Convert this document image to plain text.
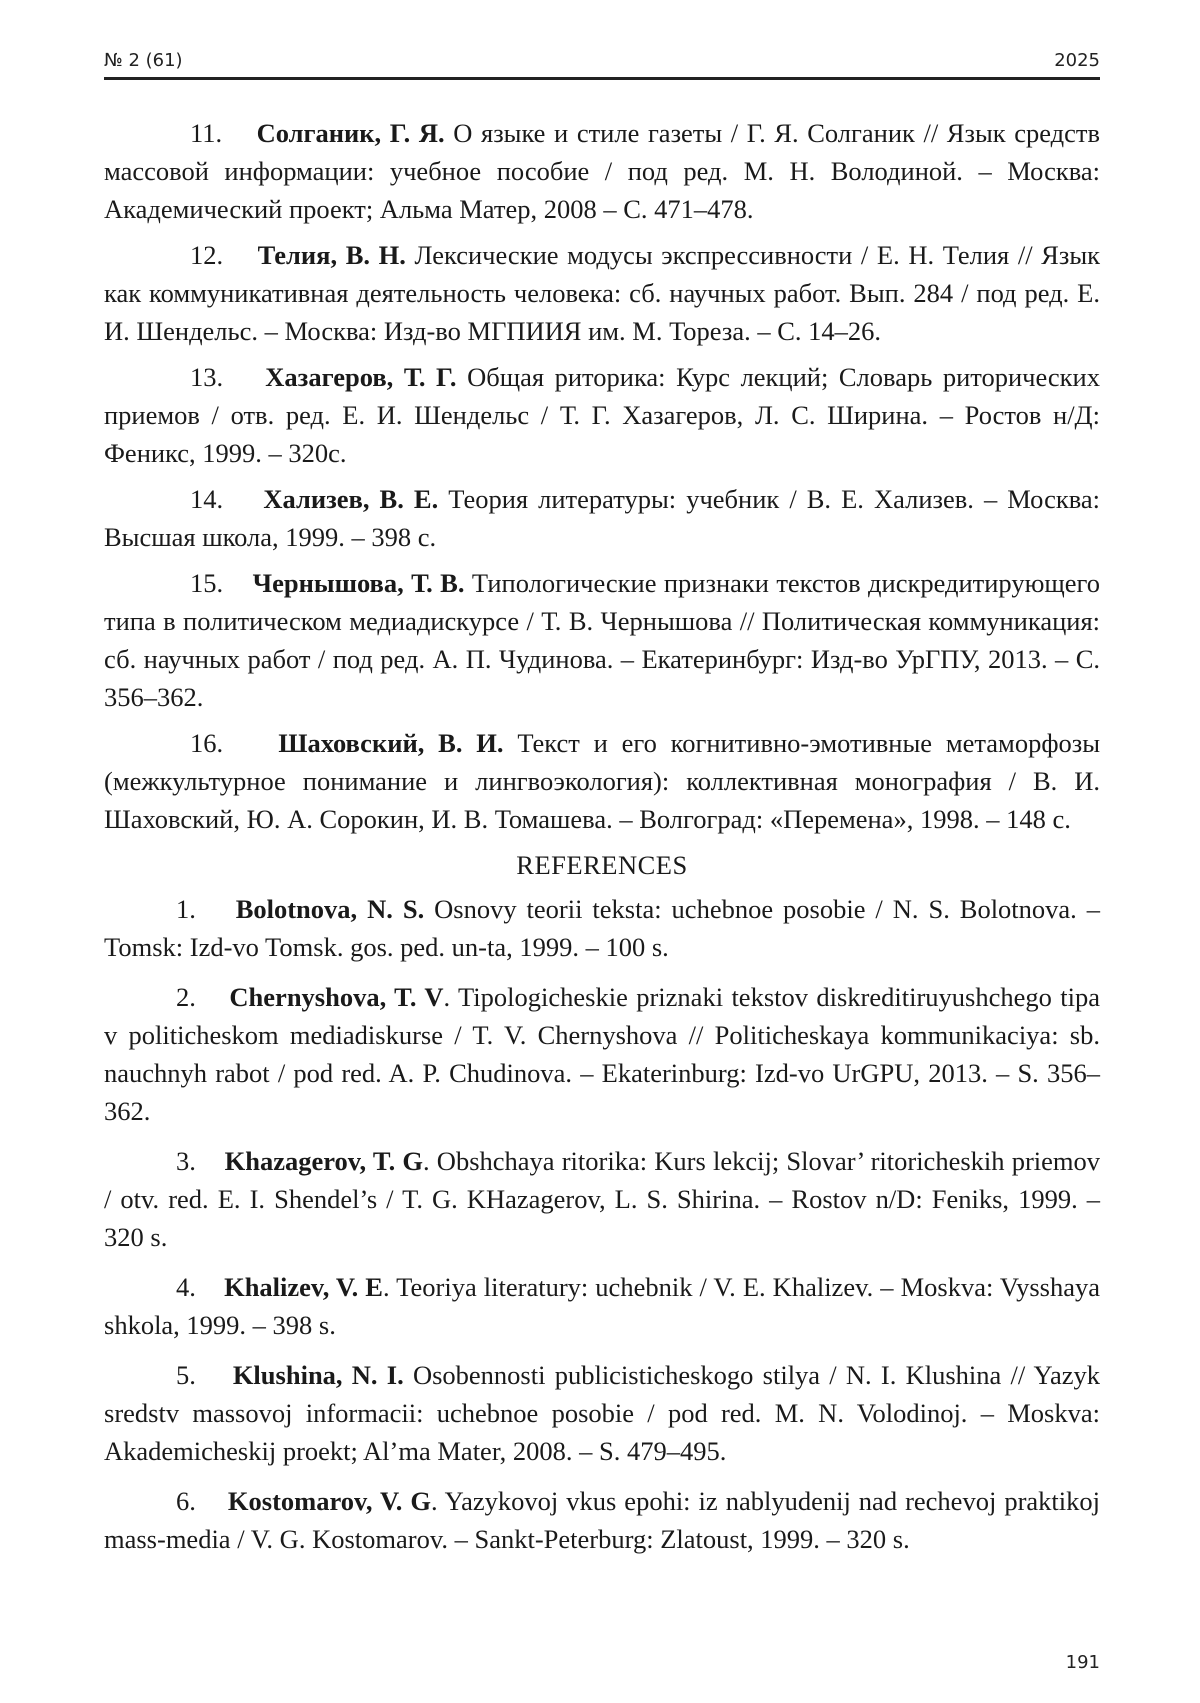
№ 2 (61)	2025

11. Солганик, Г. Я. О языке и стиле газеты / Г. Я. Солганик // Язык средств массовой информации: учебное пособие / под ред. М. Н. Володиной. – Москва: Академический проект; Альма Матер, 2008 – С. 471–478.

12. Телия, В. Н. Лексические модусы экспрессивности / Е. Н. Телия // Язык как коммуникативная деятельность человека: сб. научных работ. Вып. 284 / под ред. Е. И. Шендельс. – Москва: Изд-во МГПИИЯ им. М. Тореза. – С. 14–26.

13. Хазагеров, Т. Г. Общая риторика: Курс лекций; Словарь риторических приемов / отв. ред. Е. И. Шендельс / Т. Г. Хазагеров, Л. С. Ширина. – Ростов н/Д: Феникс, 1999. – 320с.

14. Хализев, В. Е. Теория литературы: учебник / В. Е. Хализев. – Москва: Высшая школа, 1999. – 398 с.

15. Чернышова, Т. В. Типологические признаки текстов дискредитирующего типа в политическом медиадискурсе / Т. В. Чернышова // Политическая коммуникация: сб. научных работ / под ред. А. П. Чудинова. – Екатеринбург: Изд-во УрГПУ, 2013. – С. 356–362.

16. Шаховский, В. И. Текст и его когнитивно-эмотивные метаморфозы (межкультурное понимание и лингвоэкология): коллективная монография / В. И. Шаховский, Ю. А. Сорокин, И. В. Томашева. – Волгоград: «Перемена», 1998. – 148 с.

REFERENCES

1. Bolotnova, N. S. Osnovy teorii teksta: uchebnoe posobie / N. S. Bolotnova. – Tomsk: Izd-vo Tomsk. gos. ped. un-ta, 1999. – 100 s.

2. Chernyshova, T. V. Tipologicheskie priznaki tekstov diskreditiruyushchego tipa v politicheskom mediadiskurse / T. V. Chernyshova // Politicheskaya kommunikaciya: sb. nauchnyh rabot / pod red. A. P. Chudinova. – Ekaterinburg: Izd-vo UrGPU, 2013. – S. 356–362.

3. Khazagerov, T. G. Obshchaya ritorika: Kurs lekcij; Slovar’ ritoricheskih priemov / otv. red. E. I. Shendel’s / T. G. KHazagerov, L. S. Shirina. – Rostov n/D: Feniks, 1999. – 320 s.

4. Khalizev, V. E. Teoriya literatury: uchebnik / V. E. Khalizev. – Moskva: Vysshaya shkola, 1999. – 398 s.

5. Klushina, N. I. Osobennosti publicisticheskogo stilya / N. I. Klushina // Yazyk sredstv massovoj informacii: uchebnoe posobie / pod red. M. N. Volodinoj. – Moskva: Akademicheskij proekt; Al’ma Mater, 2008. – S. 479–495.

6. Kostomarov, V. G. Yazykovoj vkus epohi: iz nablyudenij nad rechevoj praktikoj mass-media / V. G. Kostomarov. – Sankt-Peterburg: Zlatoust, 1999. – 320 s.

191
